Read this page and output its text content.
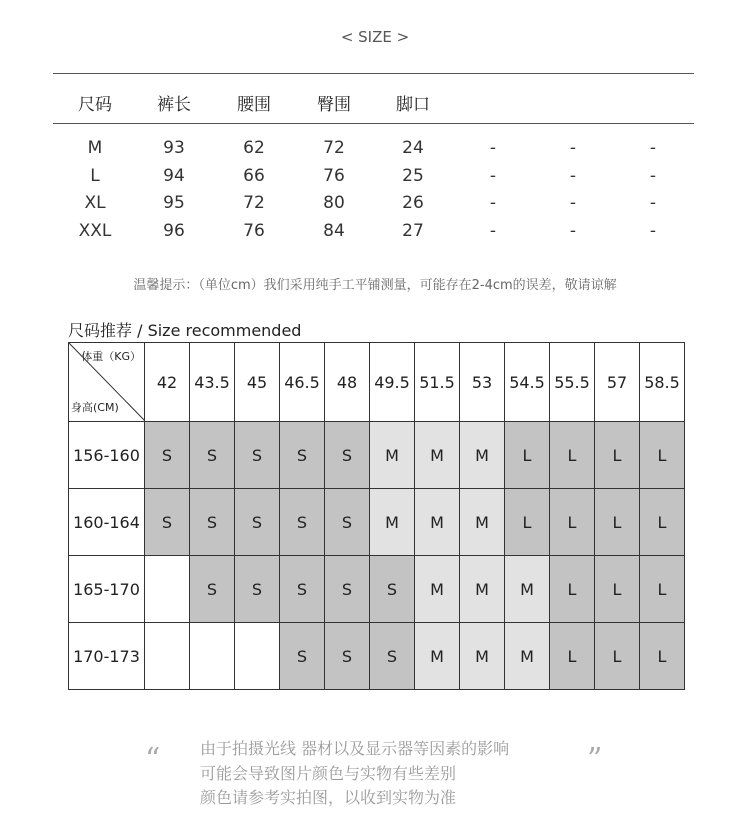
< SIZE >
尺码	裤长	腰围	臀围	脚口
M	93	62	72	24	-	-	-
L	94	66	76	25	-	-	-
XL	95	72	80	26	-	-	-
XXL	96	76	84	27	-	-	-
温馨提示：（单位cm）我们采用纯手工平铺测量，可能存在2-4cm的误差，敬请谅解
尺码推荐 / Size recommended
体重（KG）
身高(CM)	42	43.5	45	46.5	48	49.5	51.5	53	54.5	55.5	57	58.5
156-160	S	S	S	S	S	M	M	M	L	L	L	L
160-164	S	S	S	S	S	M	M	M	L	L	L	L
165-170		S	S	S	S	S	M	M	M	L	L	L
170-173				S	S	S	M	M	M	L	L	L
“	”
由于拍摄光线 器材以及显示器等因素的影响
可能会导致图片颜色与实物有些差别
颜色请参考实拍图，以收到实物为准
